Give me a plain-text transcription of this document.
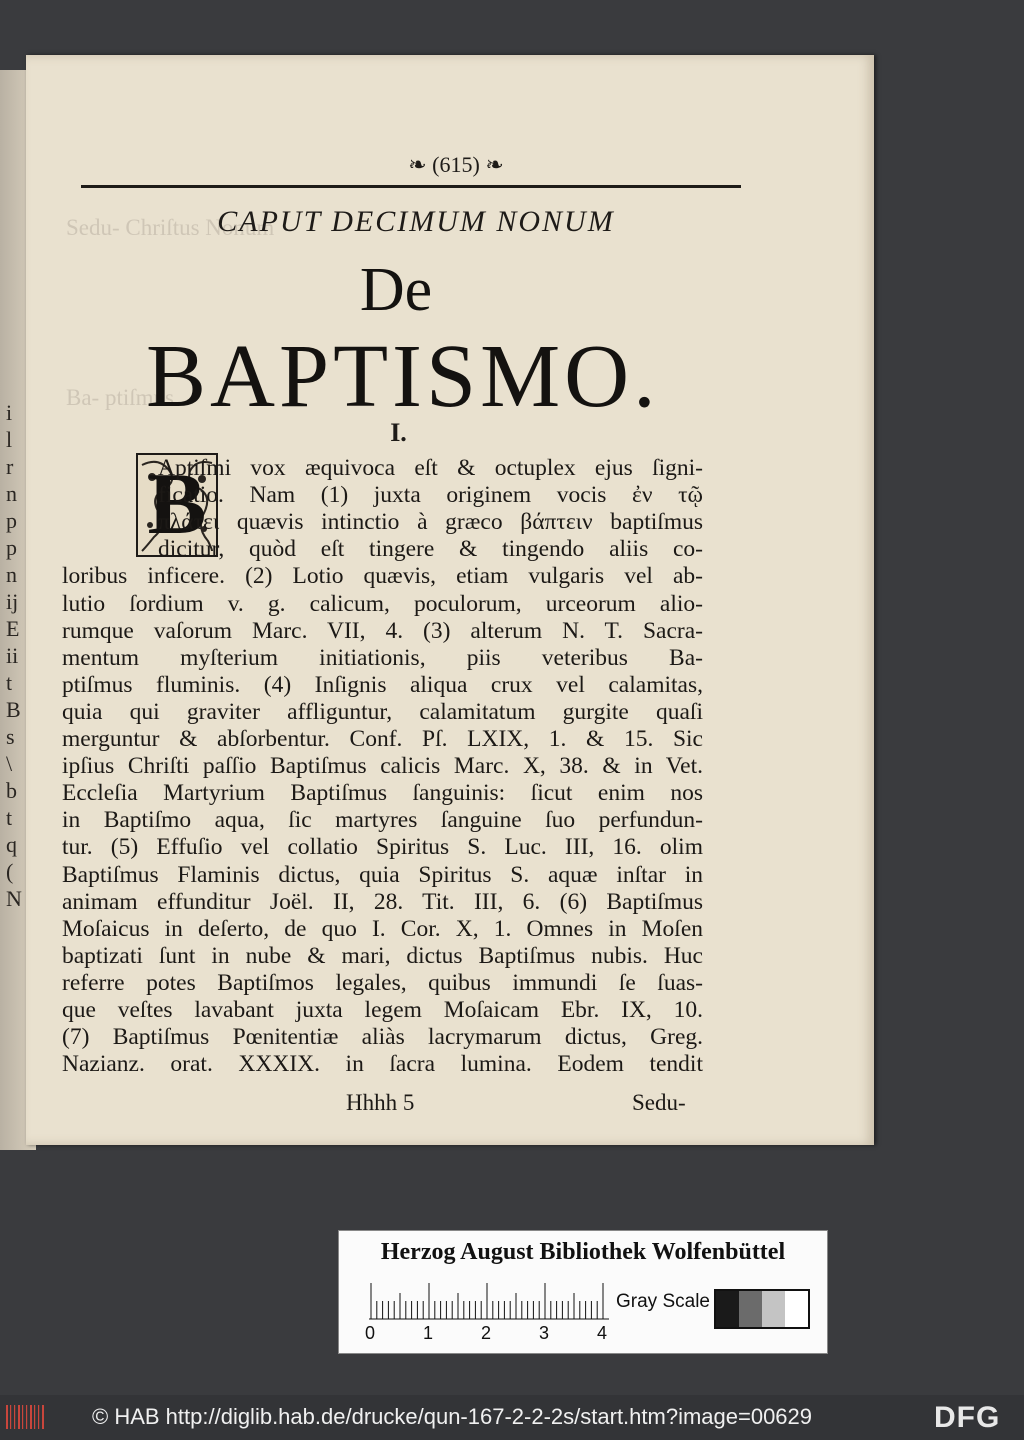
i
l
r
n
p
p
n
ij
E
ii
t
B
s
\
b
t
q
(
N
Sedu- Chriſtus Nonum
Ba- ptiſmus
❧ (615) ❧
CAPUT DECIMUM NONUM
De
BAPTISMO.
I.
B
Aptiſmi vox æquivoca eſt & octuplex ejus ſigni-
ficatio. Nam (1) juxta originem vocis ἐν τῷ
πλάτει quævis intinctio à græco βάπτειν baptiſmus
dicitur, quòd eſt tingere & tingendo aliis co-
loribus inficere. (2) Lotio quævis, etiam vulgaris vel ab-
lutio ſordium v. g. calicum, poculorum, urceorum alio-
rumque vaſorum Marc. VII, 4. (3) alterum N. T. Sacra-
mentum myſterium initiationis, piis veteribus Ba-
ptiſmus fluminis. (4) Inſignis aliqua crux vel calamitas,
quia qui graviter affliguntur, calamitatum gurgite quaſi
merguntur & abſorbentur. Conf. Pſ. LXIX, 1. & 15. Sic
ipſius Chriſti paſſio Baptiſmus calicis Marc. X, 38. & in Vet.
Eccleſia Martyrium Baptiſmus ſanguinis: ſicut enim nos
in Baptiſmo aqua, ſic martyres ſanguine ſuo perfundun-
tur. (5) Effuſio vel collatio Spiritus S. Luc. III, 16. olim
Baptiſmus Flaminis dictus, quia Spiritus S. aquæ inſtar in
animam effunditur Joël. II, 28. Tit. III, 6. (6) Baptiſmus
Moſaicus in deſerto, de quo I. Cor. X, 1. Omnes in Moſen
baptizati ſunt in nube & mari, dictus Baptiſmus nubis. Huc
referre potes Baptiſmos legales, quibus immundi ſe ſuas-
que veſtes lavabant juxta legem Moſaicam Ebr. IX, 10.
(7) Baptiſmus Pœnitentiæ aliàs lacrymarum dictus, Greg.
Nazianz. orat. XXXIX. in ſacra lumina. Eodem tendit
Hhhh 5	Sedu-
Herzog August Bibliothek Wolfenbüttel
0	1	2	3	4
Gray Scale
© HAB http://diglib.hab.de/drucke/qun-167-2-2-2s/start.htm?image=00629	DFG
